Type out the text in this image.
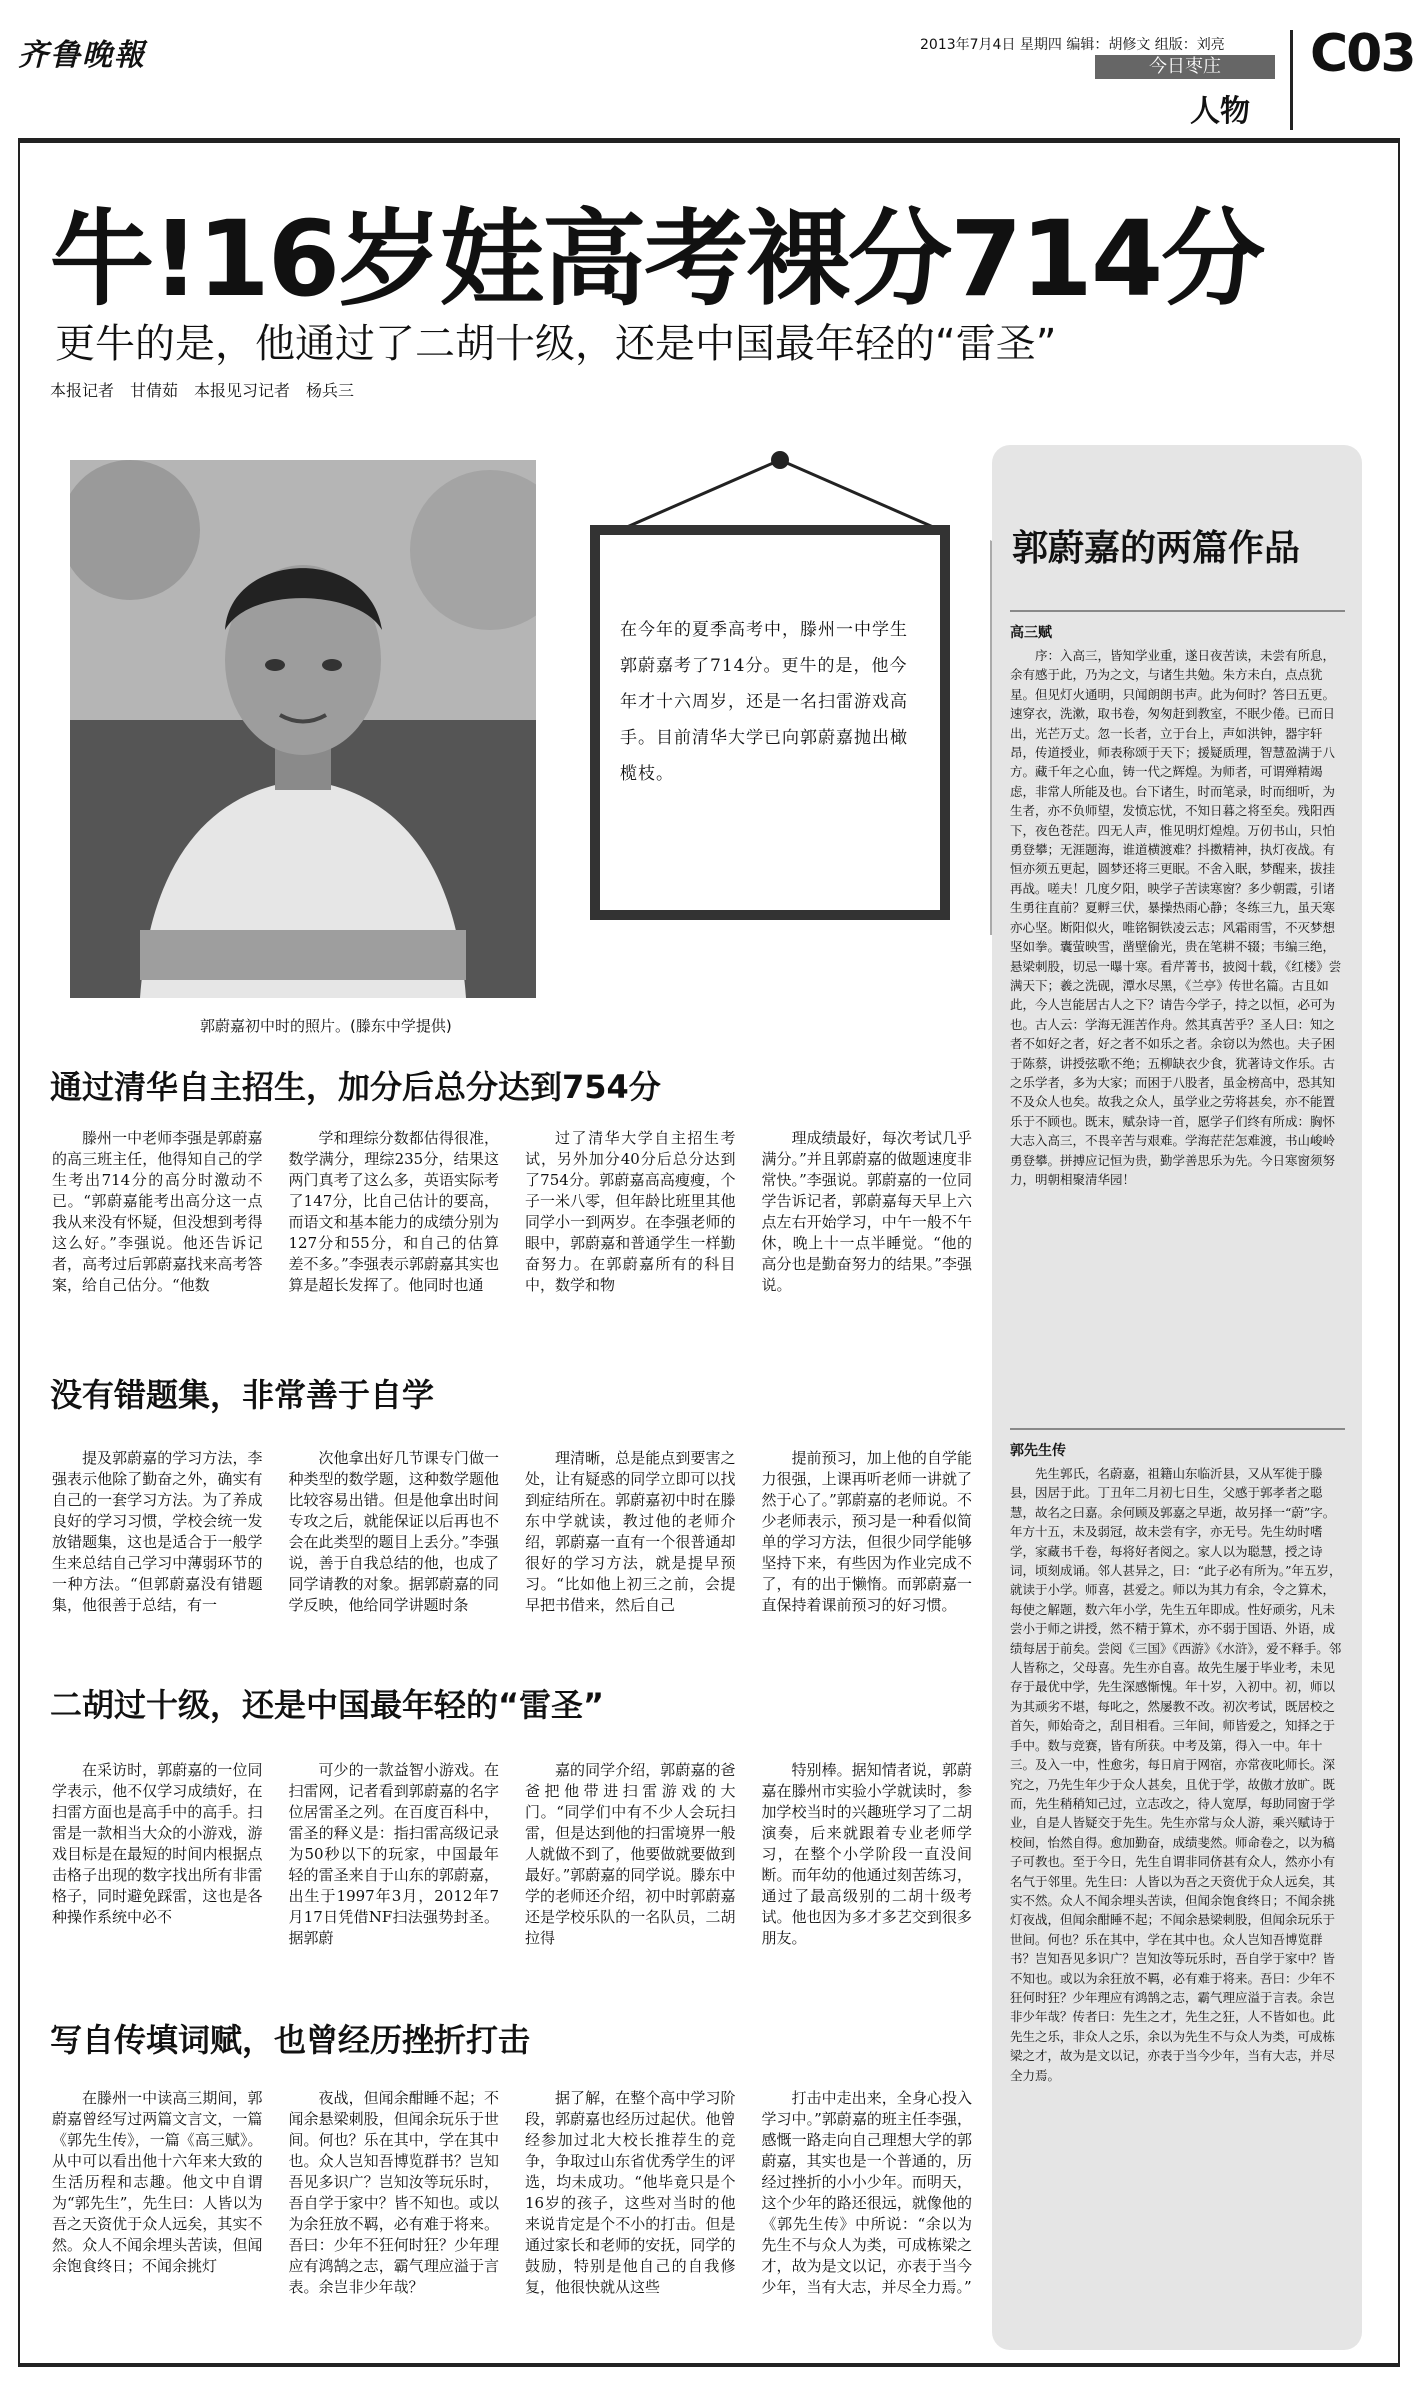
齐鲁晚報	2013年7月4日 星期四 编辑：胡修文 组版：刘亮
今日枣庄
人物
C03
牛!16岁娃高考裸分714分
更牛的是，他通过了二胡十级，还是中国最年轻的“雷圣”
本报记者　甘倩茹　本报见习记者　杨兵三
郭蔚嘉初中时的照片。(滕东中学提供)
在今年的夏季高考中，滕州一中学生郭蔚嘉考了714分。更牛的是，他今年才十六周岁，还是一名扫雷游戏高手。目前清华大学已向郭蔚嘉抛出橄榄枝。
郭蔚嘉的两篇作品
高三赋
序：入高三，皆知学业重，遂日夜苦读，未尝有所息，余有感于此，乃为之文，与诸生共勉。朱方未白，点点犹星。但见灯火通明，只闻朗朗书声。此为何时？答曰五更。速穿衣，洗漱，取书卷，匆匆赶到教室，不眠少倦。已而日出，光芒万丈。忽一长者，立于台上，声如洪钟，器宇轩昂，传道授业，师表称颂于天下；援疑质理，智慧盈满于八方。藏千年之心血，铸一代之辉煌。为师者，可谓殚精竭虑，非常人所能及也。台下诸生，时而笔录，时而细听，为生者，亦不负师望，发愤忘忧，不知日暮之将至矣。残阳西下，夜色苍茫。四无人声，惟见明灯煌煌。万仞书山，只怕勇登攀；无涯题海，谁道横渡难？抖擞精神，执灯夜战。有恒亦须五更起，圆梦还将三更眠。不舍入眠，梦醒来，拔挂再战。嗟夫！几度夕阳，映学子苦读寒窗？多少朝霞，引诸生勇往直前？夏孵三伏，暴操热雨心静；冬练三九，虽天寒亦心坚。断阳似火，唯铭铜铁凌云志；风霜雨雪，不灭梦想坚如拳。囊萤映雪，凿壁偷光，贵在笔耕不辍；韦编三绝，悬梁刺股，切忌一曝十寒。看芹菁书，披阅十载，《红楼》尝满天下；羲之洗砚，潭水尽黑，《兰亭》传世名篇。古且如此，今人岂能居古人之下？请告今学子，持之以恒，必可为也。古人云：学海无涯苦作舟。然其真苦乎？圣人曰：知之者不如好之者，好之者不如乐之者。余窃以为然也。夫子困于陈蔡，讲授弦歌不绝；五柳缺衣少食，犹著诗文作乐。古之乐学者，多为大家；而困于八股者，虽金榜高中，恐其知不及众人也矣。故我之众人，虽学业之劳将甚矣，亦不能置乐于不顾也。既末，赋杂诗一首，愿学子们终有所成：胸怀大志入高三，不畏辛苦与艰难。学海茫茫怎难渡，书山峻岭勇登攀。拼搏应记恒为贵，勤学善思乐为先。今日寒窗须努力，明朝相聚清华园！
郭先生传
先生郭氏，名蔚嘉，祖籍山东临沂县，又从军徙于滕县，因居于此。丁丑年二月初七日生，父感于郭孝者之聪慧，故名之曰嘉。余何顾及郭嘉之早逝，故另择一“蔚”字。年方十五，未及弱冠，故未尝有字，亦无号。先生幼时嗜学，家藏书千卷，每将好者阅之。家人以为聪慧，授之诗词，顷刻成诵。邻人甚异之，曰：“此子必有所为。”年五岁，就读于小学。师喜，甚爱之。师以为其力有余，令之算术，每使之解题，数六年小学，先生五年即成。性好顽劣，凡未尝小于师之讲授，然不精于算术，亦不弱于国语、外语，成绩每居于前矣。尝阅《三国》《西游》《水浒》，爱不释手。邻人皆称之，父母喜。先生亦自喜。故先生屡于毕业考，未见存于最优中学，先生深感惭愧。年十岁，入初中。初，师以为其顽劣不堪，每叱之，然屡教不改。初次考试，既居校之首矢，师始奇之，刮目相看。三年间，师皆爱之，知择之于手中。数与竞赛，皆有所获。中考及第，得入一中。年十三。及入一中，性愈劣，每日肩于网宿，亦常夜叱师长。深究之，乃先生年少于众人甚矣，且优于学，故傲才放旷。既而，先生稍稍知己过，立志改之，待人宽厚，每助同窗于学业，自是人皆疑交于先生。先生亦常与众人游，乘兴赋诗于校间，怡然自得。愈加勤奋，成绩斐然。师命卷之，以为稿子可教也。至于今日，先生自谓非同侪甚有众人，然亦小有名气于邻里。先生曰：人皆以为吾之天资优于众人远矣，其实不然。众人不闻余埋头苦读，但闻余饱食终日；不闻余挑灯夜战，但闻余酣睡不起；不闻余悬梁刺股，但闻余玩乐于世间。何也？乐在其中，学在其中也。众人岂知吾博览群书？岂知吾见多识广？岂知汝等玩乐时，吾自学于家中？皆不知也。或以为余狂放不羁，必有难于将来。吾曰：少年不狂何时狂？少年理应有鸿鹄之志，霸气理应溢于言表。余岂非少年哉？传者曰：先生之才，先生之狂，人不皆如也。此先生之乐，非众人之乐，余以为先生不与众人为类，可成栋梁之才，故为是文以记，亦表于当今少年，当有大志，并尽全力焉。
通过清华自主招生，加分后总分达到754分

滕州一中老师李强是郭蔚嘉的高三班主任，他得知自己的学生考出714分的高分时激动不已。“郭蔚嘉能考出高分这一点我从来没有怀疑，但没想到考得这么好。”李强说。他还告诉记者，高考过后郭蔚嘉找来高考答案，给自己估分。“他数

学和理综分数都估得很准，数学满分，理综235分，结果这两门真考了这么多，英语实际考了147分，比自己估计的要高，而语文和基本能力的成绩分别为127分和55分，和自己的估算差不多。”李强表示郭蔚嘉其实也算是超长发挥了。他同时也通

过了清华大学自主招生考试，另外加分40分后总分达到了754分。郭蔚嘉高高瘦瘦，个子一米八零，但年龄比班里其他同学小一到两岁。在李强老师的眼中，郭蔚嘉和普通学生一样勤奋努力。在郭蔚嘉所有的科目中，数学和物

理成绩最好，每次考试几乎满分。”并且郭蔚嘉的做题速度非常快。”李强说。郭蔚嘉的一位同学告诉记者，郭蔚嘉每天早上六点左右开始学习，中午一般不午休，晚上十一点半睡觉。“他的高分也是勤奋努力的结果。”李强说。

没有错题集，非常善于自学

提及郭蔚嘉的学习方法，李强表示他除了勤奋之外，确实有自己的一套学习方法。为了养成良好的学习习惯，学校会统一发放错题集，这也是适合于一般学生来总结自己学习中薄弱环节的一种方法。“但郭蔚嘉没有错题集，他很善于总结，有一

次他拿出好几节课专门做一种类型的数学题，这种数学题他比较容易出错。但是他拿出时间专攻之后，就能保证以后再也不会在此类型的题目上丢分。”李强说，善于自我总结的他，也成了同学请教的对象。据郭蔚嘉的同学反映，他给同学讲题时条

理清晰，总是能点到要害之处，让有疑惑的同学立即可以找到症结所在。郭蔚嘉初中时在滕东中学就读，教过他的老师介绍，郭蔚嘉一直有一个很普通却很好的学习方法，就是提早预习。“比如他上初三之前，会提早把书借来，然后自己

提前预习，加上他的自学能力很强，上课再听老师一讲就了然于心了。”郭蔚嘉的老师说。不少老师表示，预习是一种看似简单的学习方法，但很少同学能够坚持下来，有些因为作业完成不了，有的出于懒惰。而郭蔚嘉一直保持着课前预习的好习惯。

二胡过十级，还是中国最年轻的“雷圣”

在采访时，郭蔚嘉的一位同学表示，他不仅学习成绩好，在扫雷方面也是高手中的高手。扫雷是一款相当大众的小游戏，游戏目标是在最短的时间内根据点击格子出现的数字找出所有非雷格子，同时避免踩雷，这也是各种操作系统中必不

可少的一款益智小游戏。在扫雷网，记者看到郭蔚嘉的名字位居雷圣之列。在百度百科中，雷圣的释义是：指扫雷高级记录为50秒以下的玩家，中国最年轻的雷圣来自于山东的郭蔚嘉，出生于1997年3月，2012年7月17日凭借NF扫法强势封圣。据郭蔚

嘉的同学介绍，郭蔚嘉的爸爸把他带进扫雷游戏的大门。“同学们中有不少人会玩扫雷，但是达到他的扫雷境界一般人就做不到了，他要做就要做到最好。”郭蔚嘉的同学说。滕东中学的老师还介绍，初中时郭蔚嘉还是学校乐队的一名队员，二胡拉得

特别棒。据知情者说，郭蔚嘉在滕州市实验小学就读时，参加学校当时的兴趣班学习了二胡演奏，后来就跟着专业老师学习，在整个小学阶段一直没间断。而年幼的他通过刻苦练习，通过了最高级别的二胡十级考试。他也因为多才多艺交到很多朋友。

写自传填词赋，也曾经历挫折打击

在滕州一中读高三期间，郭蔚嘉曾经写过两篇文言文，一篇《郭先生传》，一篇《高三赋》。从中可以看出他十六年来大致的生活历程和志趣。他文中自谓为“郭先生”，先生曰：人皆以为吾之天资优于众人远矣，其实不然。众人不闻余埋头苦读，但闻余饱食终日；不闻余挑灯

夜战，但闻余酣睡不起；不闻余悬梁刺股，但闻余玩乐于世间。何也？乐在其中，学在其中也。众人岂知吾博览群书？岂知吾见多识广？岂知汝等玩乐时，吾自学于家中？皆不知也。或以为余狂放不羁，必有难于将来。吾曰：少年不狂何时狂？少年理应有鸿鹄之志，霸气理应溢于言表。余岂非少年哉？

据了解，在整个高中学习阶段，郭蔚嘉也经历过起伏。他曾经参加过北大校长推荐生的竞争，争取过山东省优秀学生的评选，均未成功。“他毕竟只是个16岁的孩子，这些对当时的他来说肯定是个不小的打击。但是通过家长和老师的安抚，同学的鼓励，特别是他自己的自我修复，他很快就从这些

打击中走出来，全身心投入学习中。”郭蔚嘉的班主任李强，感慨一路走向自己理想大学的郭蔚嘉，其实也是一个普通的，历经过挫折的小小少年。而明天，这个少年的路还很远，就像他的《郭先生传》中所说：“余以为先生不与众人为类，可成栋梁之才，故为是文以记，亦表于当今少年，当有大志，并尽全力焉。”
